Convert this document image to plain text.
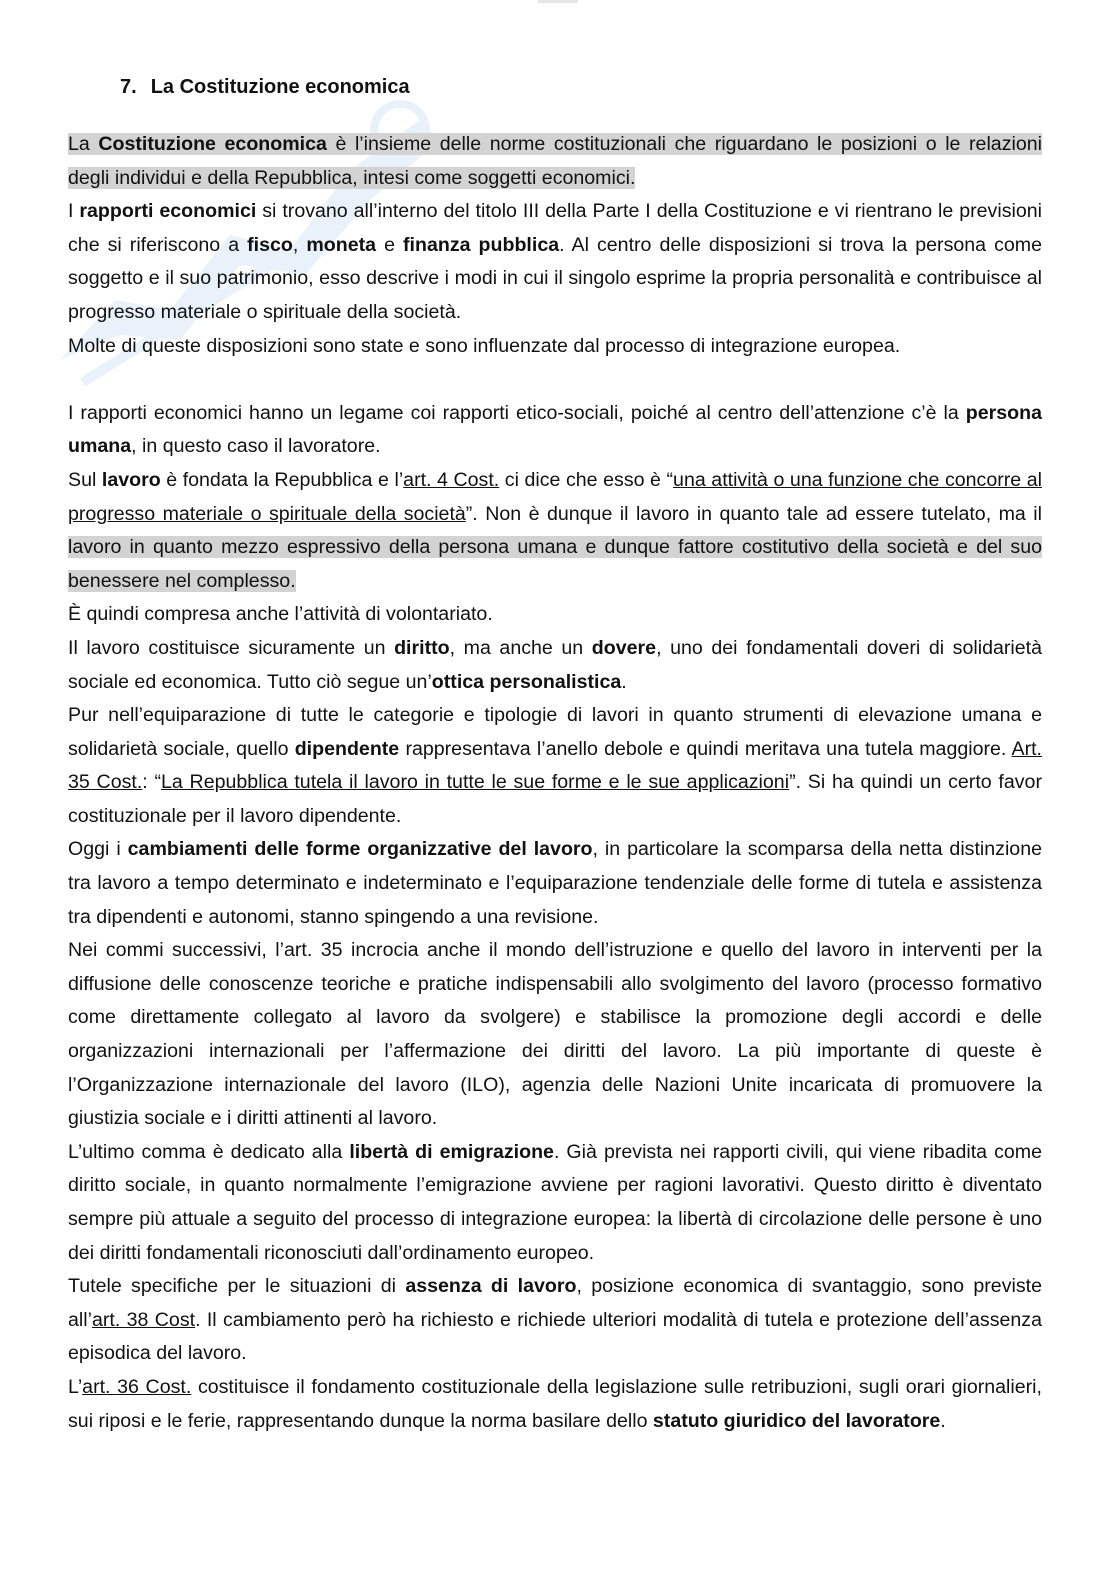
7. La Costituzione economica

La Costituzione economica è l’insieme delle norme costituzionali che riguardano le posizioni o le relazioni degli individui e della Repubblica, intesi come soggetti economici.

I rapporti economici si trovano all’interno del titolo III della Parte I della Costituzione e vi rientrano le previsioni che si riferiscono a fisco, moneta e finanza pubblica. Al centro delle disposizioni si trova la persona come soggetto e il suo patrimonio, esso descrive i modi in cui il singolo esprime la propria personalità e contribuisce al progresso materiale o spirituale della società.

Molte di queste disposizioni sono state e sono influenzate dal processo di integrazione europea.

I rapporti economici hanno un legame coi rapporti etico-sociali, poiché al centro dell’attenzione c’è la persona umana, in questo caso il lavoratore.

Sul lavoro è fondata la Repubblica e l’art. 4 Cost. ci dice che esso è “una attività o una funzione che concorre al progresso materiale o spirituale della società”. Non è dunque il lavoro in quanto tale ad essere tutelato, ma il lavoro in quanto mezzo espressivo della persona umana e dunque fattore costitutivo della società e del suo benessere nel complesso.

È quindi compresa anche l’attività di volontariato.

Il lavoro costituisce sicuramente un diritto, ma anche un dovere, uno dei fondamentali doveri di solidarietà sociale ed economica. Tutto ciò segue un’ottica personalistica.

Pur nell’equiparazione di tutte le categorie e tipologie di lavori in quanto strumenti di elevazione umana e solidarietà sociale, quello dipendente rappresentava l’anello debole e quindi meritava una tutela maggiore. Art. 35 Cost.: “La Repubblica tutela il lavoro in tutte le sue forme e le sue applicazioni”. Si ha quindi un certo favor costituzionale per il lavoro dipendente.

Oggi i cambiamenti delle forme organizzative del lavoro, in particolare la scomparsa della netta distinzione tra lavoro a tempo determinato e indeterminato e l’equiparazione tendenziale delle forme di tutela e assistenza tra dipendenti e autonomi, stanno spingendo a una revisione.

Nei commi successivi, l’art. 35 incrocia anche il mondo dell’istruzione e quello del lavoro in interventi per la diffusione delle conoscenze teoriche e pratiche indispensabili allo svolgimento del lavoro (processo formativo come direttamente collegato al lavoro da svolgere) e stabilisce la promozione degli accordi e delle organizzazioni internazionali per l’affermazione dei diritti del lavoro. La più importante di queste è l’Organizzazione internazionale del lavoro (ILO), agenzia delle Nazioni Unite incaricata di promuovere la giustizia sociale e i diritti attinenti al lavoro.

L’ultimo comma è dedicato alla libertà di emigrazione. Già prevista nei rapporti civili, qui viene ribadita come diritto sociale, in quanto normalmente l’emigrazione avviene per ragioni lavorativi. Questo diritto è diventato sempre più attuale a seguito del processo di integrazione europea: la libertà di circolazione delle persone è uno dei diritti fondamentali riconosciuti dall’ordinamento europeo.

Tutele specifiche per le situazioni di assenza di lavoro, posizione economica di svantaggio, sono previste all’art. 38 Cost. Il cambiamento però ha richiesto e richiede ulteriori modalità di tutela e protezione dell’assenza episodica del lavoro.

L’art. 36 Cost. costituisce il fondamento costituzionale della legislazione sulle retribuzioni, sugli orari giornalieri, sui riposi e le ferie, rappresentando dunque la norma basilare dello statuto giuridico del lavoratore.
